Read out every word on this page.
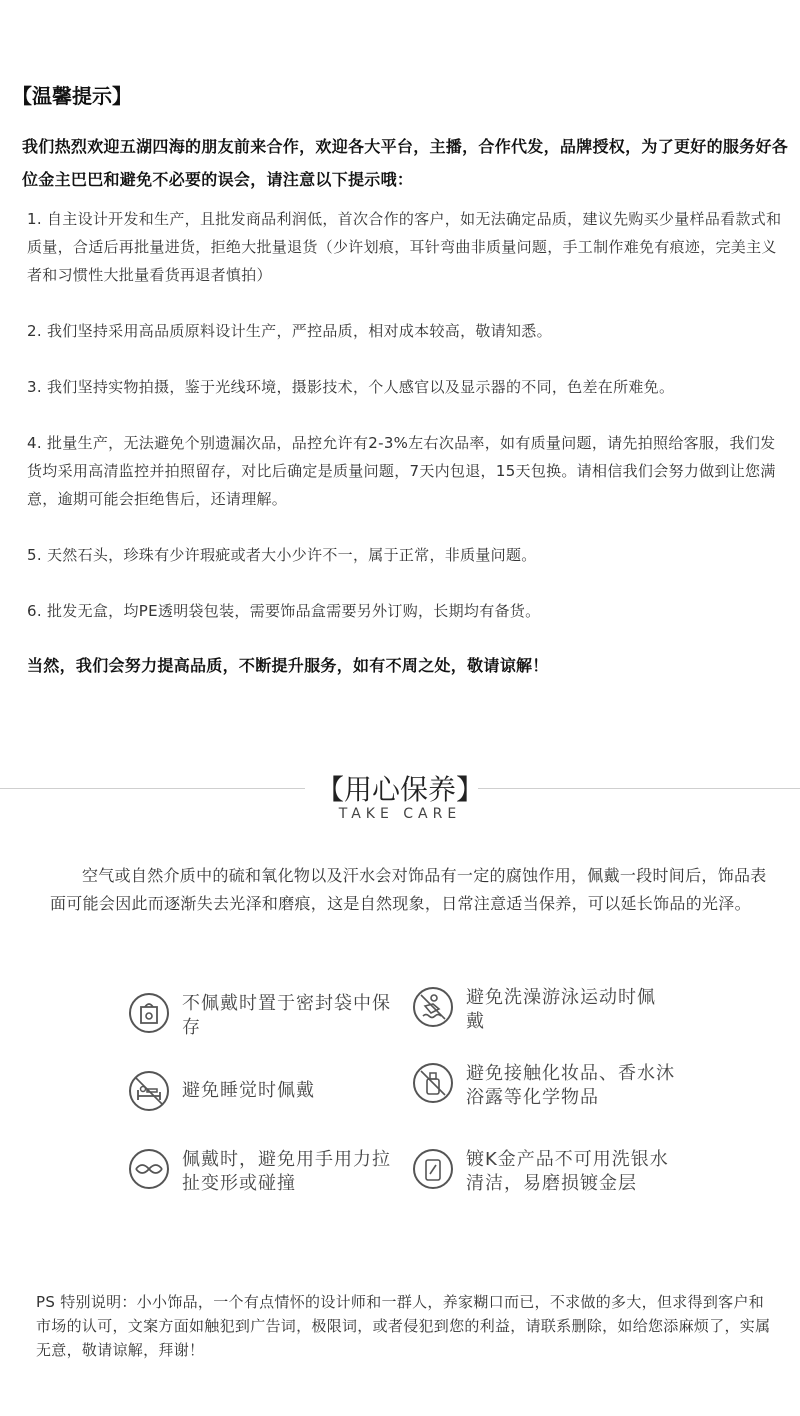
【温馨提示】
我们热烈欢迎五湖四海的朋友前来合作，欢迎各大平台，主播，合作代发，品牌授权，为了更好的服务好各位金主巴巴和避免不必要的误会，请注意以下提示哦：
1. 自主设计开发和生产，且批发商品利润低，首次合作的客户，如无法确定品质，建议先购买少量样品看款式和质量，合适后再批量进货，拒绝大批量退货（少许划痕，耳针弯曲非质量问题，手工制作难免有痕迹，完美主义者和习惯性大批量看货再退者慎拍）
2. 我们坚持采用高品质原料设计生产，严控品质，相对成本较高，敬请知悉。
3. 我们坚持实物拍摄，鉴于光线环境，摄影技术，个人感官以及显示器的不同，色差在所难免。
4. 批量生产，无法避免个别遗漏次品，品控允许有2-3%左右次品率，如有质量问题，请先拍照给客服，我们发货均采用高清监控并拍照留存，对比后确定是质量问题，7天内包退，15天包换。请相信我们会努力做到让您满意，逾期可能会拒绝售后，还请理解。
5. 天然石头，珍珠有少许瑕疵或者大小少许不一，属于正常，非质量问题。
6. 批发无盒，均PE透明袋包装，需要饰品盒需要另外订购，长期均有备货。
当然，我们会努力提高品质，不断提升服务，如有不周之处，敬请谅解！
【用心保养】
TAKE CARE
空气或自然介质中的硫和氧化物以及汗水会对饰品有一定的腐蚀作用，佩戴一段时间后，饰品表面可能会因此而逐渐失去光泽和磨痕，这是自然现象，日常注意适当保养，可以延长饰品的光泽。
不佩戴时置于密封袋中保存
避免洗澡游泳运动时佩戴
避免睡觉时佩戴
避免接触化妆品、香水沐浴露等化学物品
佩戴时，避免用手用力拉扯变形或碰撞
镀K金产品不可用洗银水清洁，易磨损镀金层
PS 特别说明：小小饰品，一个有点情怀的设计师和一群人，养家糊口而已，不求做的多大，但求得到客户和市场的认可，文案方面如触犯到广告词，极限词，或者侵犯到您的利益，请联系删除，如给您添麻烦了，实属无意，敬请谅解，拜谢！
